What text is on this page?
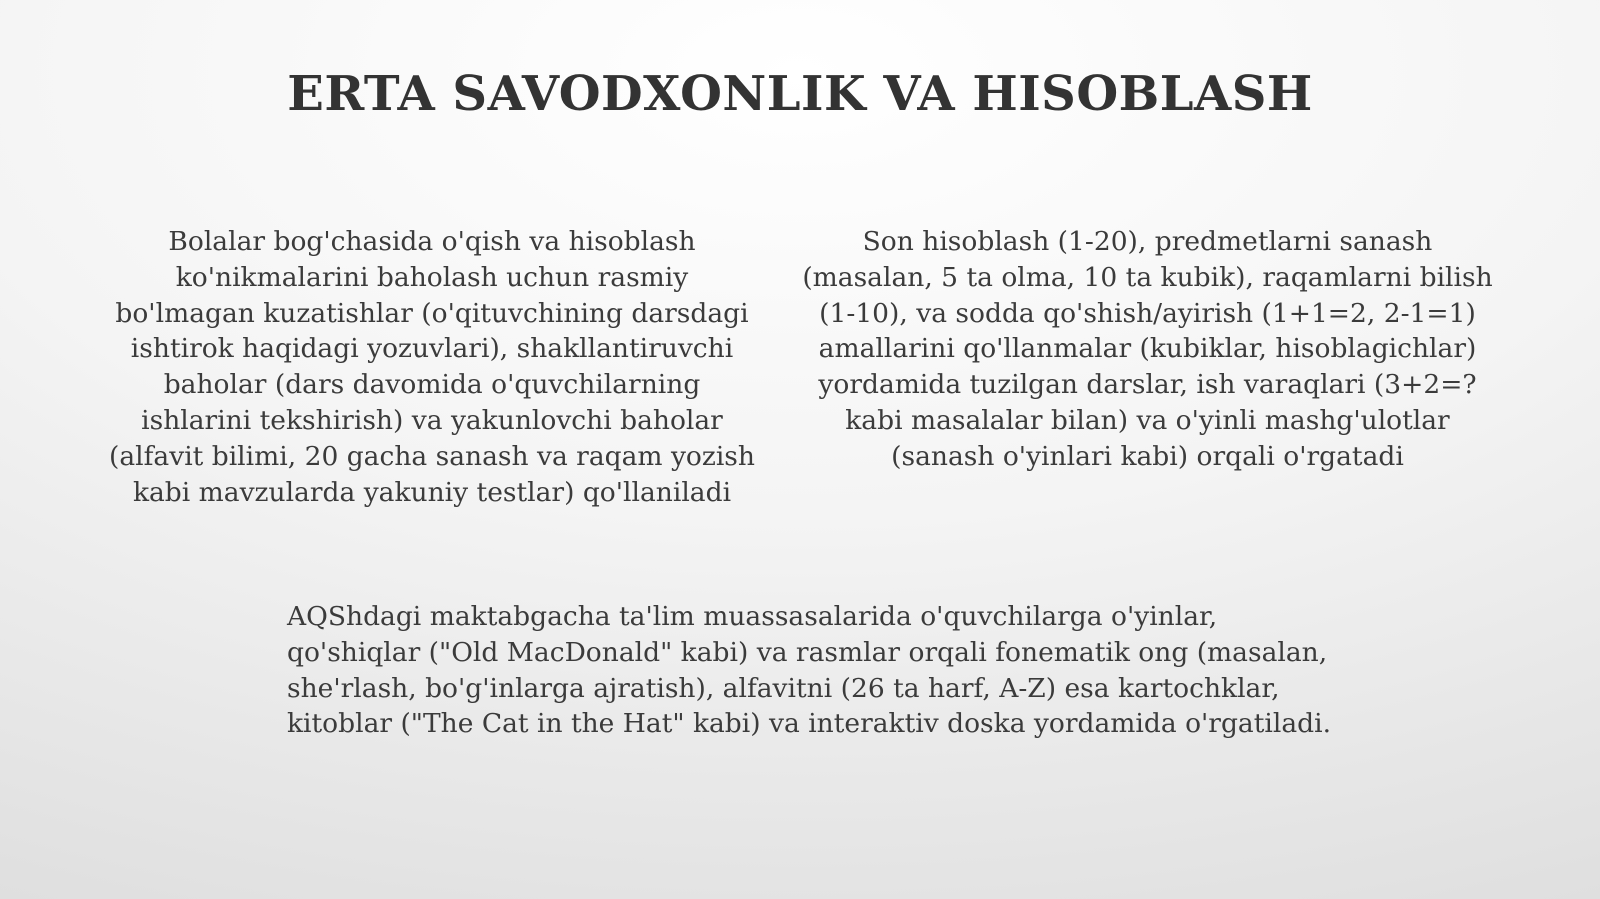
ERTA SAVODXONLIK VA HISOBLASH

Bolalar bog'chasida o'qish va hisoblash ko'nikmalarini baholash uchun rasmiy bo'lmagan kuzatishlar (o'qituvchining darsdagi ishtirok haqidagi yozuvlari), shakllantiruvchi baholar (dars davomida o'quvchilarning ishlarini tekshirish) va yakunlovchi baholar (alfavit bilimi, 20 gacha sanash va raqam yozish kabi mavzularda yakuniy testlar) qo'llaniladi

Son hisoblash (1-20), predmetlarni sanash (masalan, 5 ta olma, 10 ta kubik), raqamlarni bilish (1-10), va sodda qo'shish/ayirish (1+1=2, 2-1=1) amallarini qo'llanmalar (kubiklar, hisoblagichlar) yordamida tuzilgan darslar, ish varaqlari (3+2=? kabi masalalar bilan) va o'yinli mashg'ulotlar (sanash o'yinlari kabi) orqali o'rgatadi

AQShdagi maktabgacha ta'lim muassasalarida o'quvchilarga o'yinlar, qo'shiqlar ("Old MacDonald" kabi) va rasmlar orqali fonematik ong (masalan, she'rlash, bo'g'inlarga ajratish), alfavitni (26 ta harf, A-Z) esa kartochklar, kitoblar ("The Cat in the Hat" kabi) va interaktiv doska yordamida o'rgatiladi.
